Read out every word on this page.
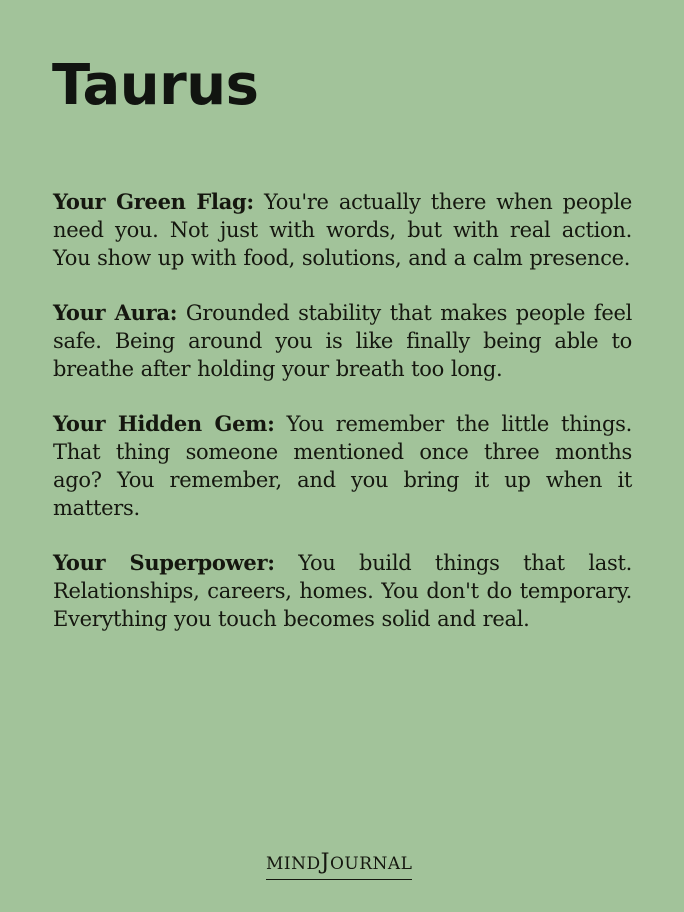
Taurus

Your Green Flag: You're actually there when people need you. Not just with words, but with real action. You show up with food, solutions, and a calm presence.

Your Aura: Grounded stability that makes people feel safe. Being around you is like finally being able to breathe after holding your breath too long.

Your Hidden Gem: You remember the little things. That thing someone mentioned once three months ago? You remember, and you bring it up when it matters.

Your Superpower: You build things that last. Relationships, careers, homes. You don't do temporary. Everything you touch becomes solid and real.

MINDJOURNAL
